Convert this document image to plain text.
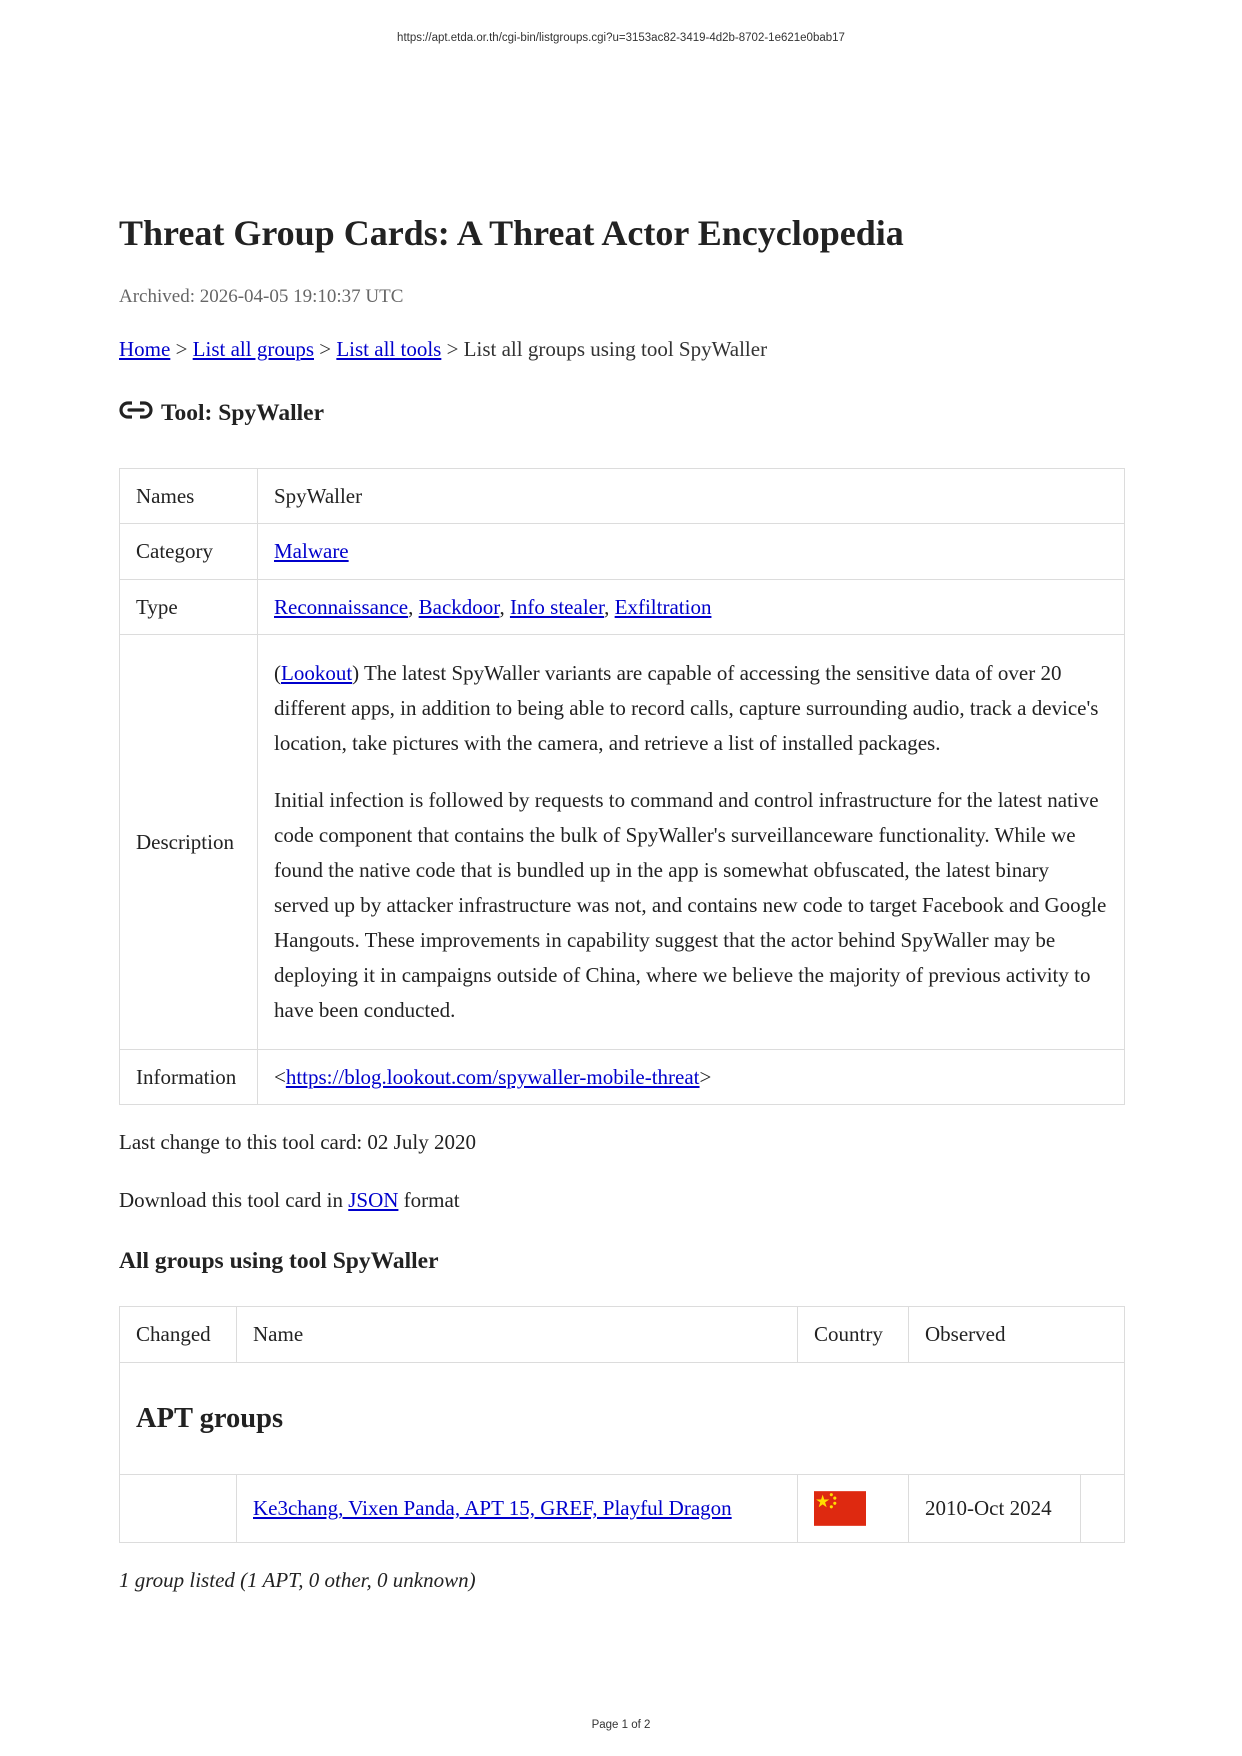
https://apt.etda.or.th/cgi-bin/listgroups.cgi?u=3153ac82-3419-4d2b-8702-1e621e0bab17
Threat Group Cards: A Threat Actor Encyclopedia
Archived: 2026-04-05 19:10:37 UTC
Home > List all groups > List all tools > List all groups using tool SpyWaller
Tool: SpyWaller
Names	SpyWaller
Category	Malware
Type	Reconnaissance, Backdoor, Info stealer, Exfiltration
Description	(Lookout) The latest SpyWaller variants are capable of accessing the sensitive data of over 20 different apps, in addition to being able to record calls, capture surrounding audio, track a device's location, take pictures with the camera, and retrieve a list of installed packages.

Initial infection is followed by requests to command and control infrastructure for the latest native code component that contains the bulk of SpyWaller's surveillanceware functionality. While we found the native code that is bundled up in the app is somewhat obfuscated, the latest binary served up by attacker infrastructure was not, and contains new code to target Facebook and Google Hangouts. These improvements in capability suggest that the actor behind SpyWaller may be deploying it in campaigns outside of China, where we believe the majority of previous activity to have been conducted.

Information	<https://blog.lookout.com/spywaller-mobile-threat>
Last change to this tool card: 02 July 2020
Download this tool card in JSON format
All groups using tool SpyWaller
Changed	Name	Country	Observed	
APT groups				
	Ke3chang, Vixen Panda, APT 15, GREF, Playful Dragon		2010-Oct 2024	
1 group listed (1 APT, 0 other, 0 unknown)
Page 1 of 2
